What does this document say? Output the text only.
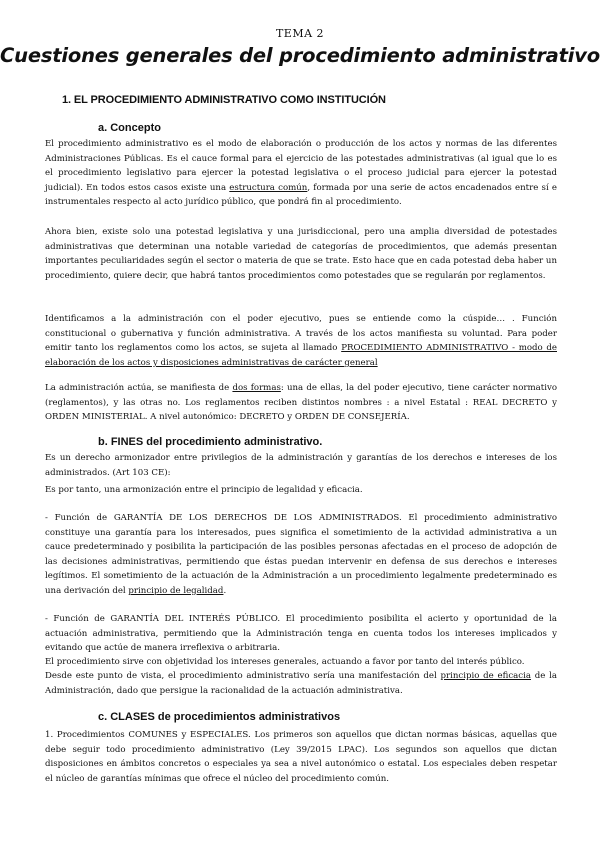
TEMA 2
Cuestiones generales del procedimiento administrativo
1. EL PROCEDIMIENTO ADMINISTRATIVO COMO INSTITUCIÓN
a. Concepto
El procedimiento administrativo es el modo de elaboración o producción de los actos y normas de las diferentes Administraciones Públicas. Es el cauce formal para el ejercicio de las potestades administrativas (al igual que lo es el procedimiento legislativo para ejercer la potestad legislativa o el proceso judicial para ejercer la potestad judicial). En todos estos casos existe una estructura común, formada por una serie de actos encadenados entre sí e instrumentales respecto al acto jurídico público, que pondrá fin al procedimiento.
Ahora bien, existe solo una potestad legislativa y una jurisdiccional, pero una amplia diversidad de potestades administrativas que determinan una notable variedad de categorías de procedimientos, que además presentan importantes peculiaridades según el sector o materia de que se trate. Esto hace que en cada potestad deba haber un procedimiento, quiere decir, que habrá tantos procedimientos como potestades que se regularán por reglamentos.
Identificamos a la administración con el poder ejecutivo, pues se entiende como la cúspide… . Función constitucional o gubernativa y función administrativa. A través de los actos manifiesta su voluntad. Para poder emitir tanto los reglamentos como los actos, se sujeta al llamado PROCEDIMIENTO ADMINISTRATIVO - modo de elaboración de los actos y disposiciones administrativas de carácter general
La administración actúa, se manifiesta de dos formas: una de ellas, la del poder ejecutivo, tiene carácter normativo (reglamentos), y las otras no. Los reglamentos reciben distintos nombres : a nivel Estatal : REAL DECRETO y ORDEN MINISTERIAL. A nivel autonómico: DECRETO y ORDEN DE CONSEJERÍA.
b. FINES del procedimiento administrativo.
Es un derecho armonizador entre privilegios de la administración y garantías de los derechos e intereses de los administrados. (Art 103 CE):
Es por tanto, una armonización entre el principio de legalidad y eficacia.
- Función de GARANTÍA DE LOS DERECHOS DE LOS ADMINISTRADOS. El procedimiento administrativo constituye una garantía para los interesados, pues significa el sometimiento de la actividad administrativa a un cauce predeterminado y posibilita la participación de las posibles personas afectadas en el proceso de adopción de las decisiones administrativas, permitiendo que éstas puedan intervenir en defensa de sus derechos e intereses legítimos. El sometimiento de la actuación de la Administración a un procedimiento legalmente predeterminado es una derivación del principio de legalidad.
- Función de GARANTÍA DEL INTERÉS PÚBLICO. El procedimiento posibilita el acierto y oportunidad de la actuación administrativa, permitiendo que la Administración tenga en cuenta todos los intereses implicados y evitando que actúe de manera irreflexiva o arbitraria.
El procedimiento sirve con objetividad los intereses generales, actuando a favor por tanto del interés público.
Desde este punto de vista, el procedimiento administrativo sería una manifestación del principio de eficacia de la Administración, dado que persigue la racionalidad de la actuación administrativa.
c. CLASES de procedimientos administrativos
1. Procedimientos COMUNES y ESPECIALES. Los primeros son aquellos que dictan normas básicas, aquellas que debe seguir todo procedimiento administrativo (Ley 39/2015 LPAC). Los segundos son aquellos que dictan disposiciones en ámbitos concretos o especiales ya sea a nivel autonómico o estatal. Los especiales deben respetar el núcleo de garantías mínimas que ofrece el núcleo del procedimiento común.
